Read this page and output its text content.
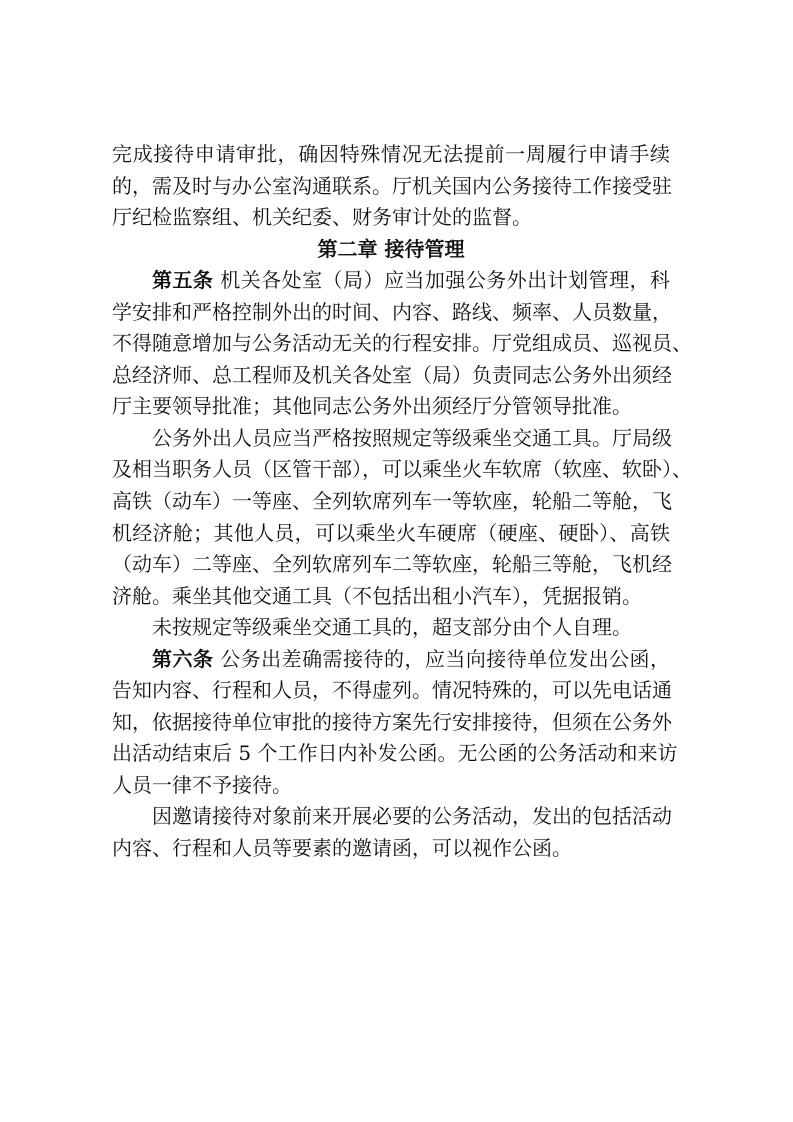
完成接待申请审批，确因特殊情况无法提前一周履行申请手续
的，需及时与办公室沟通联系。厅机关国内公务接待工作接受驻
厅纪检监察组、机关纪委、财务审计处的监督。
第二章 接待管理
第五条 机关各处室（局）应当加强公务外出计划管理，科
学安排和严格控制外出的时间、内容、路线、频率、人员数量，
不得随意增加与公务活动无关的行程安排。厅党组成员、巡视员、
总经济师、总工程师及机关各处室（局）负责同志公务外出须经
厅主要领导批准；其他同志公务外出须经厅分管领导批准。
公务外出人员应当严格按照规定等级乘坐交通工具。厅局级
及相当职务人员（区管干部），可以乘坐火车软席（软座、软卧）、
高铁（动车）一等座、全列软席列车一等软座，轮船二等舱，飞
机经济舱；其他人员，可以乘坐火车硬席（硬座、硬卧）、高铁
（动车）二等座、全列软席列车二等软座，轮船三等舱，飞机经
济舱。乘坐其他交通工具（不包括出租小汽车），凭据报销。
未按规定等级乘坐交通工具的，超支部分由个人自理。
第六条 公务出差确需接待的，应当向接待单位发出公函，
告知内容、行程和人员，不得虚列。情况特殊的，可以先电话通
知，依据接待单位审批的接待方案先行安排接待，但须在公务外
出活动结束后 5 个工作日内补发公函。无公函的公务活动和来访
人员一律不予接待。
因邀请接待对象前来开展必要的公务活动，发出的包括活动
内容、行程和人员等要素的邀请函，可以视作公函。
